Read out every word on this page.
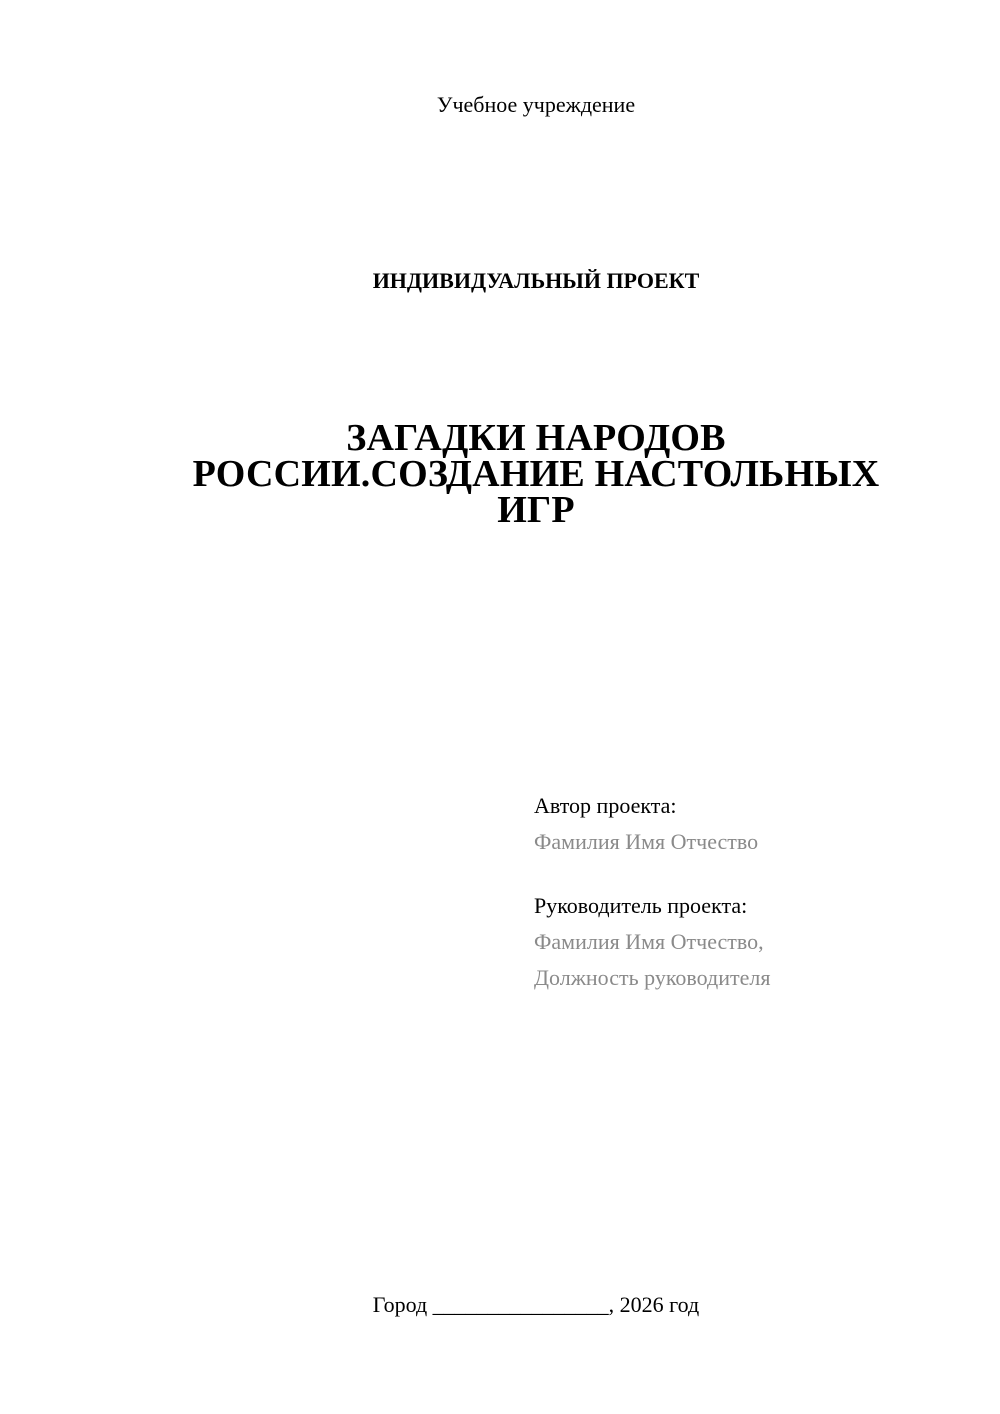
Учебное учреждение
ИНДИВИДУАЛЬНЫЙ ПРОЕКТ
ЗАГАДКИ НАРОДОВ
РОССИИ.СОЗДАНИЕ НАСТОЛЬНЫХ
ИГР
Автор проекта:
Фамилия Имя Отчество
Руководитель проекта:
Фамилия Имя Отчество,
Должность руководителя
Город ________________, 2026 год
